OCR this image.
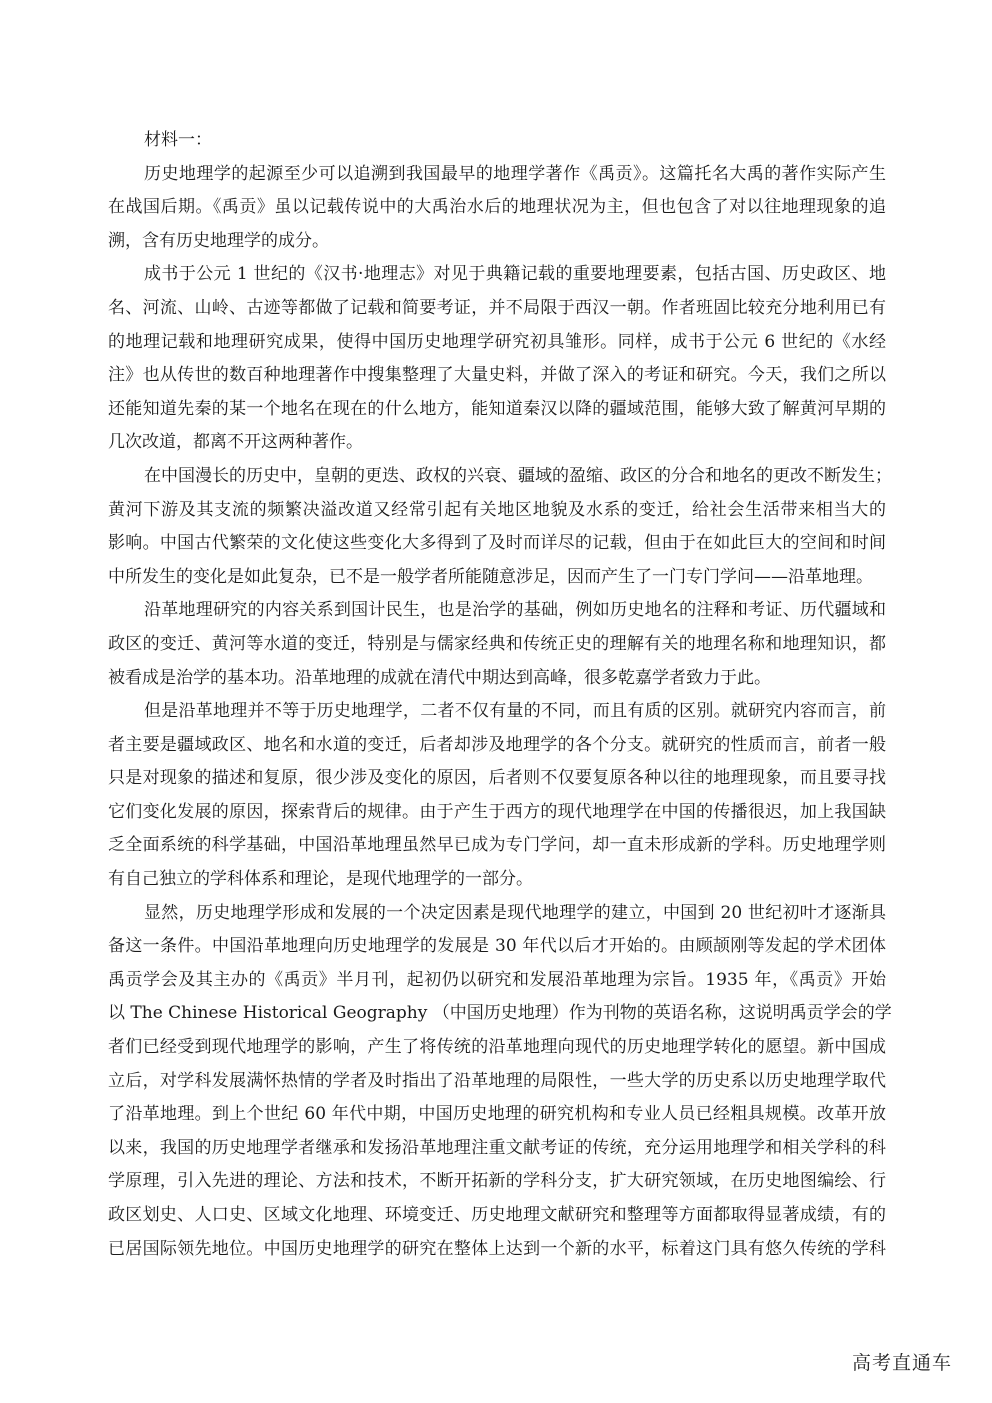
材料一：
历史地理学的起源至少可以追溯到我国最早的地理学著作《禹贡》。这篇托名大禹的著作实际产生
在战国后期。《禹贡》虽以记载传说中的大禹治水后的地理状况为主，但也包含了对以往地理现象的追
溯，含有历史地理学的成分。
成书于公元 1 世纪的《汉书·地理志》对见于典籍记载的重要地理要素，包括古国、历史政区、地
名、河流、山岭、古迹等都做了记载和简要考证，并不局限于西汉一朝。作者班固比较充分地利用已有
的地理记载和地理研究成果，使得中国历史地理学研究初具雏形。同样，成书于公元 6 世纪的《水经
注》也从传世的数百种地理著作中搜集整理了大量史料，并做了深入的考证和研究。今天，我们之所以
还能知道先秦的某一个地名在现在的什么地方，能知道秦汉以降的疆域范围，能够大致了解黄河早期的
几次改道，都离不开这两种著作。
在中国漫长的历史中，皇朝的更迭、政权的兴衰、疆域的盈缩、政区的分合和地名的更改不断发生；
黄河下游及其支流的频繁决溢改道又经常引起有关地区地貌及水系的变迁，给社会生活带来相当大的
影响。中国古代繁荣的文化使这些变化大多得到了及时而详尽的记载，但由于在如此巨大的空间和时间
中所发生的变化是如此复杂，已不是一般学者所能随意涉足，因而产生了一门专门学问——沿革地理。
沿革地理研究的内容关系到国计民生，也是治学的基础，例如历史地名的注释和考证、历代疆域和
政区的变迁、黄河等水道的变迁，特别是与儒家经典和传统正史的理解有关的地理名称和地理知识，都
被看成是治学的基本功。沿革地理的成就在清代中期达到高峰，很多乾嘉学者致力于此。
但是沿革地理并不等于历史地理学，二者不仅有量的不同，而且有质的区别。就研究内容而言，前
者主要是疆域政区、地名和水道的变迁，后者却涉及地理学的各个分支。就研究的性质而言，前者一般
只是对现象的描述和复原，很少涉及变化的原因，后者则不仅要复原各种以往的地理现象，而且要寻找
它们变化发展的原因，探索背后的规律。由于产生于西方的现代地理学在中国的传播很迟，加上我国缺
乏全面系统的科学基础，中国沿革地理虽然早已成为专门学问，却一直未形成新的学科。历史地理学则
有自己独立的学科体系和理论，是现代地理学的一部分。
显然，历史地理学形成和发展的一个决定因素是现代地理学的建立，中国到 20 世纪初叶才逐渐具
备这一条件。中国沿革地理向历史地理学的发展是 30 年代以后才开始的。由顾颉刚等发起的学术团体
禹贡学会及其主办的《禹贡》半月刊，起初仍以研究和发展沿革地理为宗旨。1935 年，《禹贡》开始
以 The Chinese Historical Geography （中国历史地理）作为刊物的英语名称，这说明禹贡学会的学
者们已经受到现代地理学的影响，产生了将传统的沿革地理向现代的历史地理学转化的愿望。新中国成
立后，对学科发展满怀热情的学者及时指出了沿革地理的局限性，一些大学的历史系以历史地理学取代
了沿革地理。到上个世纪 60 年代中期，中国历史地理的研究机构和专业人员已经粗具规模。改革开放
以来，我国的历史地理学者继承和发扬沿革地理注重文献考证的传统，充分运用地理学和相关学科的科
学原理，引入先进的理论、方法和技术，不断开拓新的学科分支，扩大研究领域，在历史地图编绘、行
政区划史、人口史、区域文化地理、环境变迁、历史地理文献研究和整理等方面都取得显著成绩，有的
已居国际领先地位。中国历史地理学的研究在整体上达到一个新的水平，标着这门具有悠久传统的学科
高考直通车
